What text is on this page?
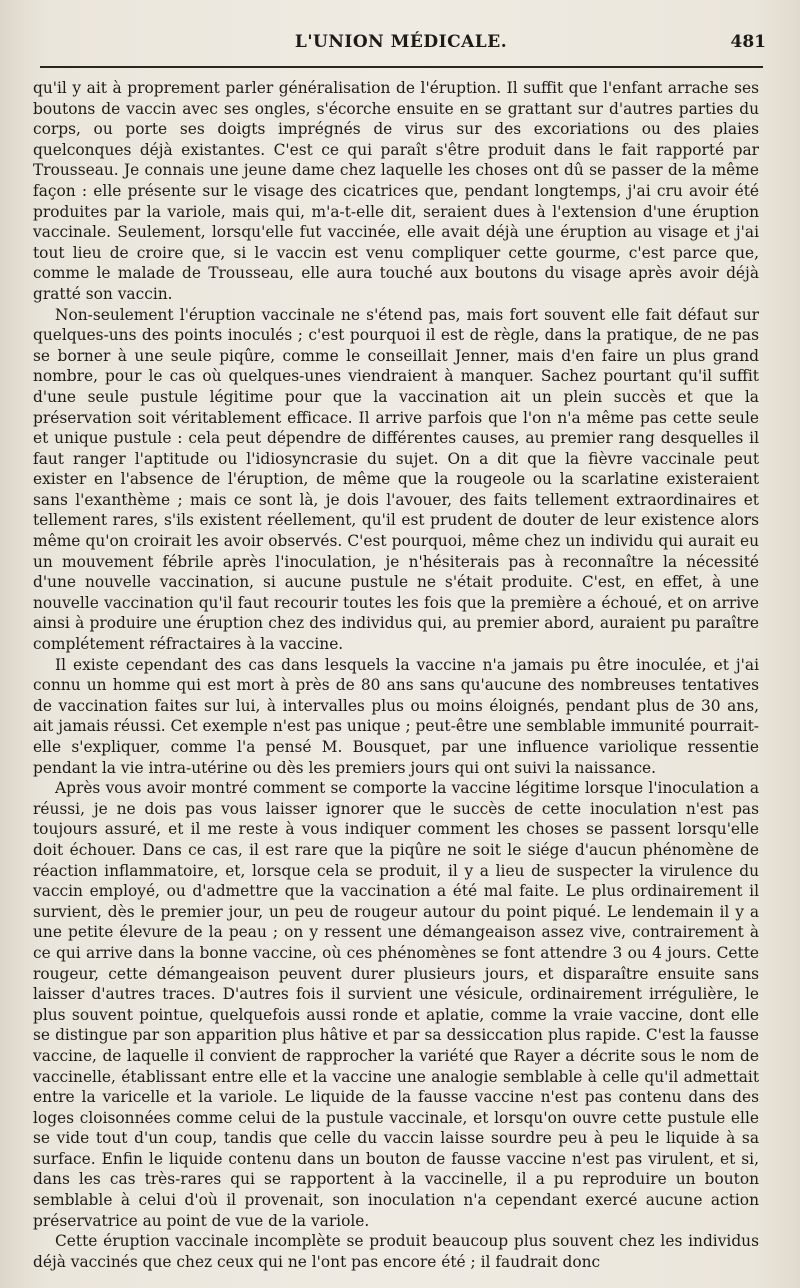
L'UNION MÉDICALE.	481

qu'il y ait à proprement parler généralisation de l'éruption. Il suffit que l'enfant arrache ses boutons de vaccin avec ses ongles, s'écorche ensuite en se grattant sur d'autres parties du corps, ou porte ses doigts imprégnés de virus sur des excoriations ou des plaies quelconques déjà existantes. C'est ce qui paraît s'être produit dans le fait rapporté par Trousseau. Je connais une jeune dame chez laquelle les choses ont dû se passer de la même façon : elle présente sur le visage des cicatrices que, pendant longtemps, j'ai cru avoir été produites par la variole, mais qui, m'a-t-elle dit, seraient dues à l'extension d'une éruption vaccinale. Seulement, lorsqu'elle fut vaccinée, elle avait déjà une éruption au visage et j'ai tout lieu de croire que, si le vaccin est venu compliquer cette gourme, c'est parce que, comme le malade de Trousseau, elle aura touché aux boutons du visage après avoir déjà gratté son vaccin.

Non-seulement l'éruption vaccinale ne s'étend pas, mais fort souvent elle fait défaut sur quelques-uns des points inoculés ; c'est pourquoi il est de règle, dans la pratique, de ne pas se borner à une seule piqûre, comme le conseillait Jenner, mais d'en faire un plus grand nombre, pour le cas où quelques-unes viendraient à manquer. Sachez pourtant qu'il suffit d'une seule pustule légitime pour que la vaccination ait un plein succès et que la préservation soit véritablement efficace. Il arrive parfois que l'on n'a même pas cette seule et unique pustule : cela peut dépendre de différentes causes, au premier rang desquelles il faut ranger l'aptitude ou l'idiosyncrasie du sujet. On a dit que la fièvre vaccinale peut exister en l'absence de l'éruption, de même que la rougeole ou la scarlatine existeraient sans l'exanthème ; mais ce sont là, je dois l'avouer, des faits tellement extraordinaires et tellement rares, s'ils existent réellement, qu'il est prudent de douter de leur existence alors même qu'on croirait les avoir observés. C'est pourquoi, même chez un individu qui aurait eu un mouvement fébrile après l'inoculation, je n'hésiterais pas à reconnaître la nécessité d'une nouvelle vaccination, si aucune pustule ne s'était produite. C'est, en effet, à une nouvelle vaccination qu'il faut recourir toutes les fois que la première a échoué, et on arrive ainsi à produire une éruption chez des individus qui, au premier abord, auraient pu paraître complétement réfractaires à la vaccine.

Il existe cependant des cas dans lesquels la vaccine n'a jamais pu être inoculée, et j'ai connu un homme qui est mort à près de 80 ans sans qu'aucune des nombreuses tentatives de vaccination faites sur lui, à intervalles plus ou moins éloignés, pendant plus de 30 ans, ait jamais réussi. Cet exemple n'est pas unique ; peut-être une semblable immunité pourrait-elle s'expliquer, comme l'a pensé M. Bousquet, par une influence variolique ressentie pendant la vie intra-utérine ou dès les premiers jours qui ont suivi la naissance.

Après vous avoir montré comment se comporte la vaccine légitime lorsque l'inoculation a réussi, je ne dois pas vous laisser ignorer que le succès de cette inoculation n'est pas toujours assuré, et il me reste à vous indiquer comment les choses se passent lorsqu'elle doit échouer. Dans ce cas, il est rare que la piqûre ne soit le siége d'aucun phénomène de réaction inflammatoire, et, lorsque cela se produit, il y a lieu de suspecter la virulence du vaccin employé, ou d'admettre que la vaccination a été mal faite. Le plus ordinairement il survient, dès le premier jour, un peu de rougeur autour du point piqué. Le lendemain il y a une petite élevure de la peau ; on y ressent une démangeaison assez vive, contrairement à ce qui arrive dans la bonne vaccine, où ces phénomènes se font attendre 3 ou 4 jours. Cette rougeur, cette démangeaison peuvent durer plusieurs jours, et disparaître ensuite sans laisser d'autres traces. D'autres fois il survient une vésicule, ordinairement irrégulière, le plus souvent pointue, quelquefois aussi ronde et aplatie, comme la vraie vaccine, dont elle se distingue par son apparition plus hâtive et par sa dessiccation plus rapide. C'est la fausse vaccine, de laquelle il convient de rapprocher la variété que Rayer a décrite sous le nom de vaccinelle, établissant entre elle et la vaccine une analogie semblable à celle qu'il admettait entre la varicelle et la variole. Le liquide de la fausse vaccine n'est pas contenu dans des loges cloisonnées comme celui de la pustule vaccinale, et lorsqu'on ouvre cette pustule elle se vide tout d'un coup, tandis que celle du vaccin laisse sourdre peu à peu le liquide à sa surface. Enfin le liquide contenu dans un bouton de fausse vaccine n'est pas virulent, et si, dans les cas très-rares qui se rapportent à la vaccinelle, il a pu reproduire un bouton semblable à celui d'où il provenait, son inoculation n'a cependant exercé aucune action préservatrice au point de vue de la variole.

Cette éruption vaccinale incomplète se produit beaucoup plus souvent chez les individus déjà vaccinés que chez ceux qui ne l'ont pas encore été ; il faudrait donc
